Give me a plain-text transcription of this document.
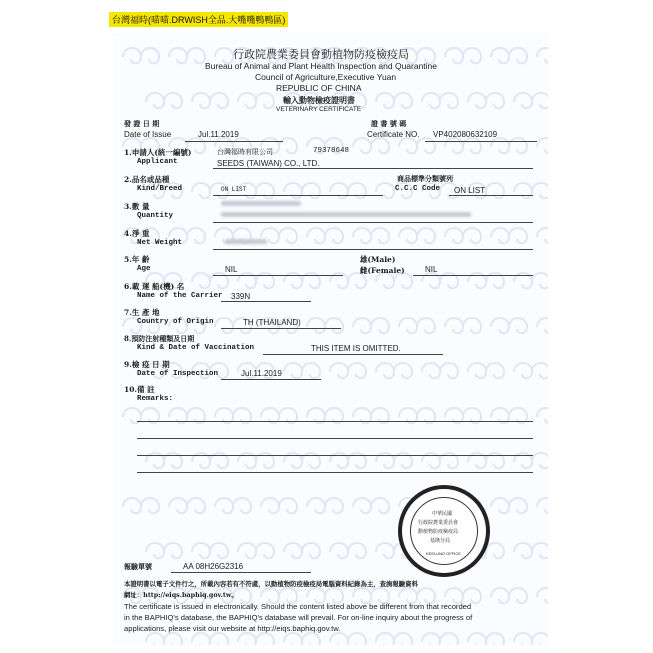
台灣福時(喵喵.DRWISH全品.大嘴嘴鴨鴨區)
行政院農業委員會動植物防疫檢疫局
Bureau of Animal and Plant Health Inspection and Quarantine
Council of Agriculture,Executive Yuan
REPUBLIC OF CHINA
輸入動物檢疫證明書
VETERINARY CERTIFICATE
發 證 日 期
Date of Issue	Jul.11.2019
證 書 號 碼
Certificate NO. VP402080632109
1.申請人(統一編號)
Applicant
台灣福時有限公司	79378648
SEEDS (TAIWAN) CO., LTD.
2.品名或品種
Kind/Breed	ON LIST
商品標準分類號列
C.C.C Code ON LIST
3.數 量
Quantity
4.淨 重
Net Weight
5.年 齡
Age	NIL
雄(Male)
雌(Female)	NIL
6.載 運 船(機) 名
Name of the Carrier 339N
7.生 產 地
Country of Origin	TH (THAILAND)
8.預防注射種類及日期
Kind & Date of Vaccination	THIS ITEM IS OMITTED.
9.檢 疫 日 期
Date of Inspection	Jul.11.2019
10.備 註
Remarks:
中華民國
行政院農業委員會
動植物防疫檢疫局
基隆分局
KEELUNG OFFICE
報驗單號	AA 08H26G2316
本證明書以電子文件行之，所載內容若有不符處，以動植物防疫檢疫局電腦資料紀錄為主，查詢報驗資料
網址：http://eiqs.baphiq.gov.tw。
The certificate is issued in electronically. Should the content listed above be different from that recorded
in the BAPHIQ's database, the BAPHIQ's database will prevail. For on-line inquiry about the progress of
applications, please visit our website at http://eiqs.baphiq.gov.tw.
